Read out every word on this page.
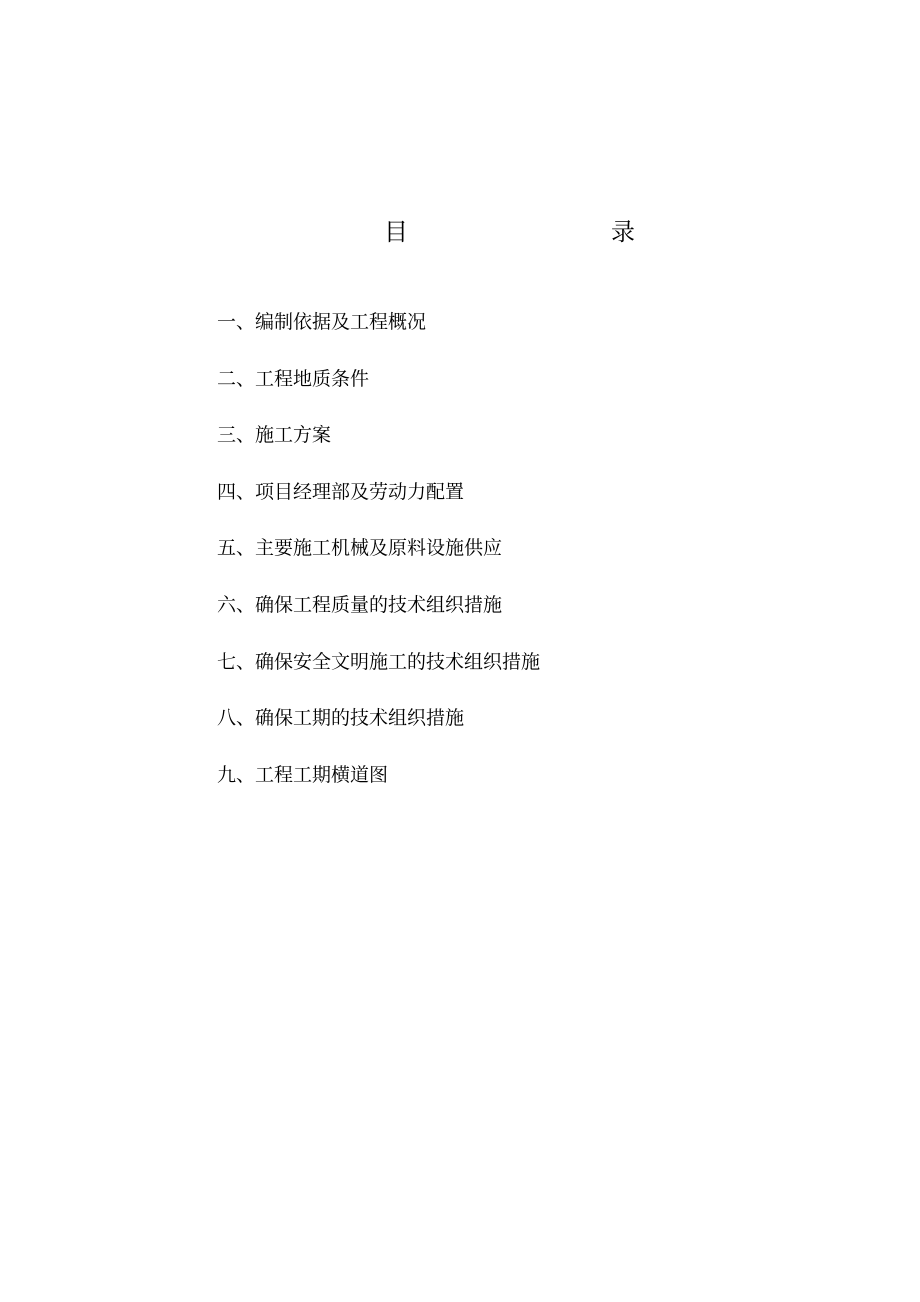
目	录
一、编制依据及工程概况
二、工程地质条件
三、施工方案
四、项目经理部及劳动力配置
五、主要施工机械及原料设施供应
六、确保工程质量的技术组织措施
七、确保安全文明施工的技术组织措施
八、确保工期的技术组织措施
九、工程工期横道图
